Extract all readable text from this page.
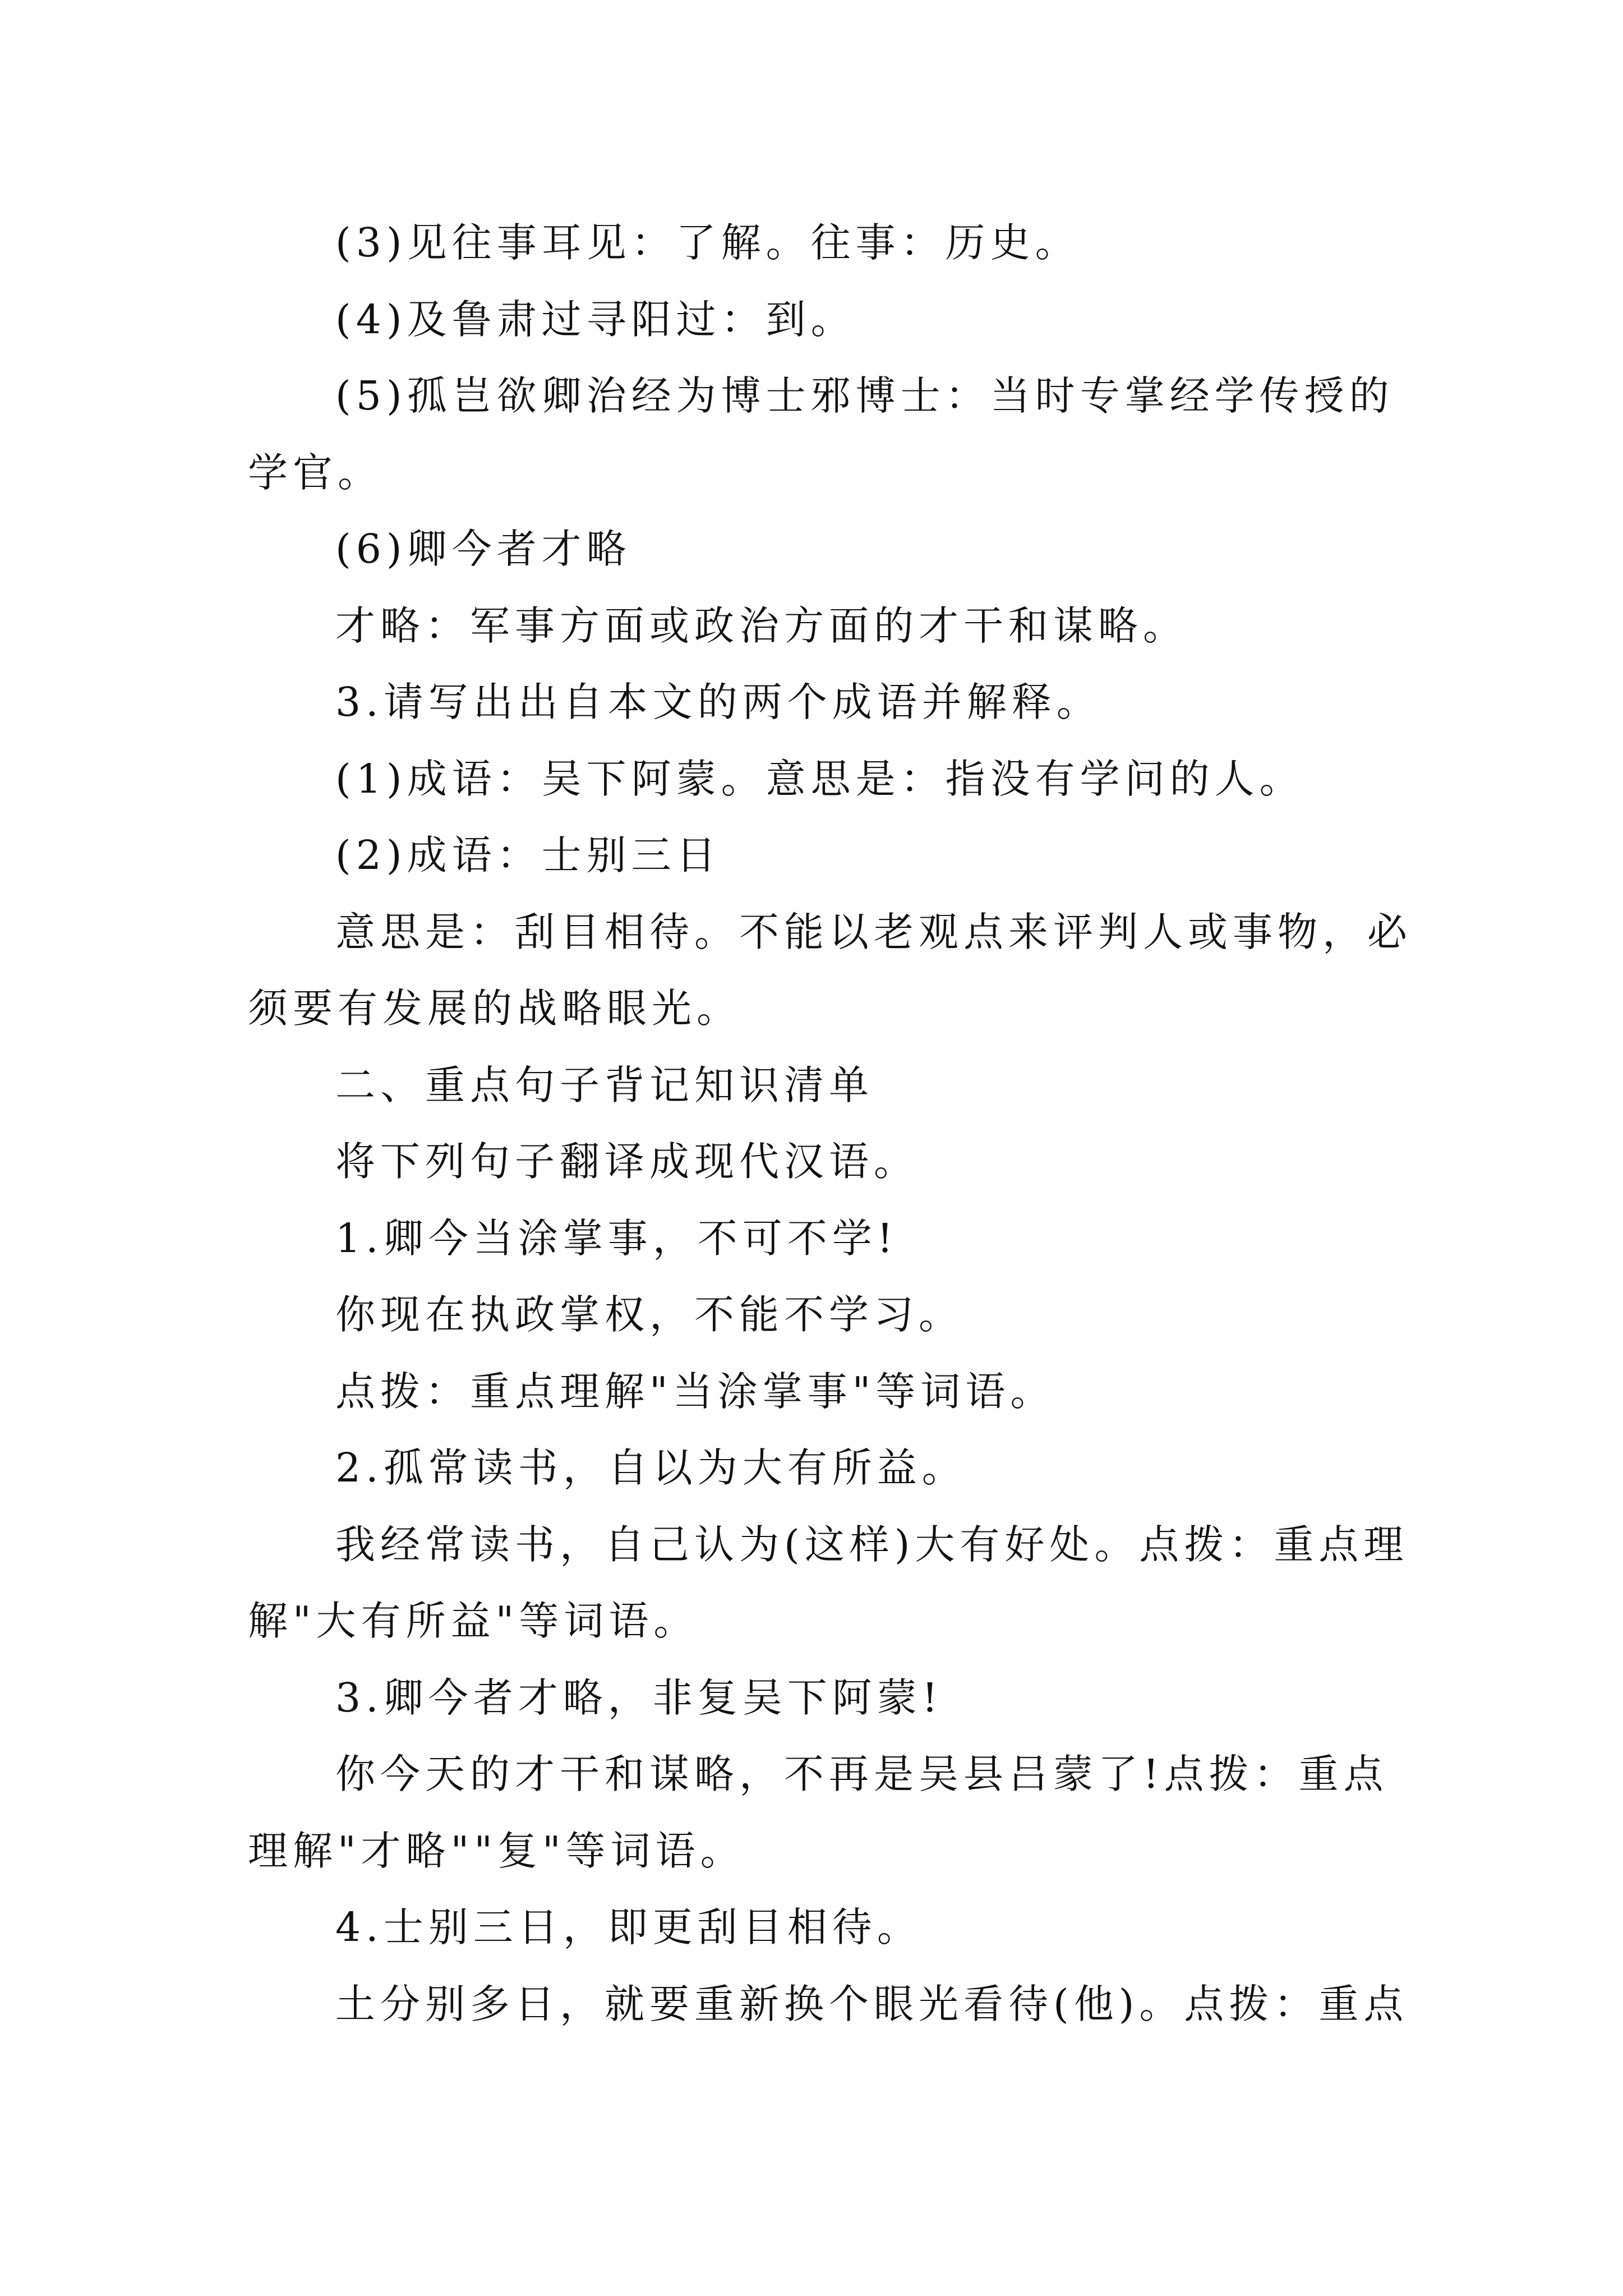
(3)见往事耳见：了解。往事：历史。

(4)及鲁肃过寻阳过：到。

(5)孤岂欲卿治经为博士邪博士：当时专掌经学传授的

学官。

(6)卿今者才略

才略：军事方面或政治方面的才干和谋略。

3.请写出出自本文的两个成语并解释。

(1)成语：吴下阿蒙。意思是：指没有学问的人。

(2)成语：士别三日

意思是：刮目相待。不能以老观点来评判人或事物，必

须要有发展的战略眼光。

二、重点句子背记知识清单

将下列句子翻译成现代汉语。

1.卿今当涂掌事，不可不学!

你现在执政掌权，不能不学习。

点拨：重点理解"当涂掌事"等词语。

2.孤常读书，自以为大有所益。

我经常读书，自己认为(这样)大有好处。点拨：重点理

解"大有所益"等词语。

3.卿今者才略，非复吴下阿蒙!

你今天的才干和谋略，不再是吴县吕蒙了!点拨：重点

理解"才略""复"等词语。

4.士别三日，即更刮目相待。

土分别多日，就要重新换个眼光看待(他)。点拨：重点
